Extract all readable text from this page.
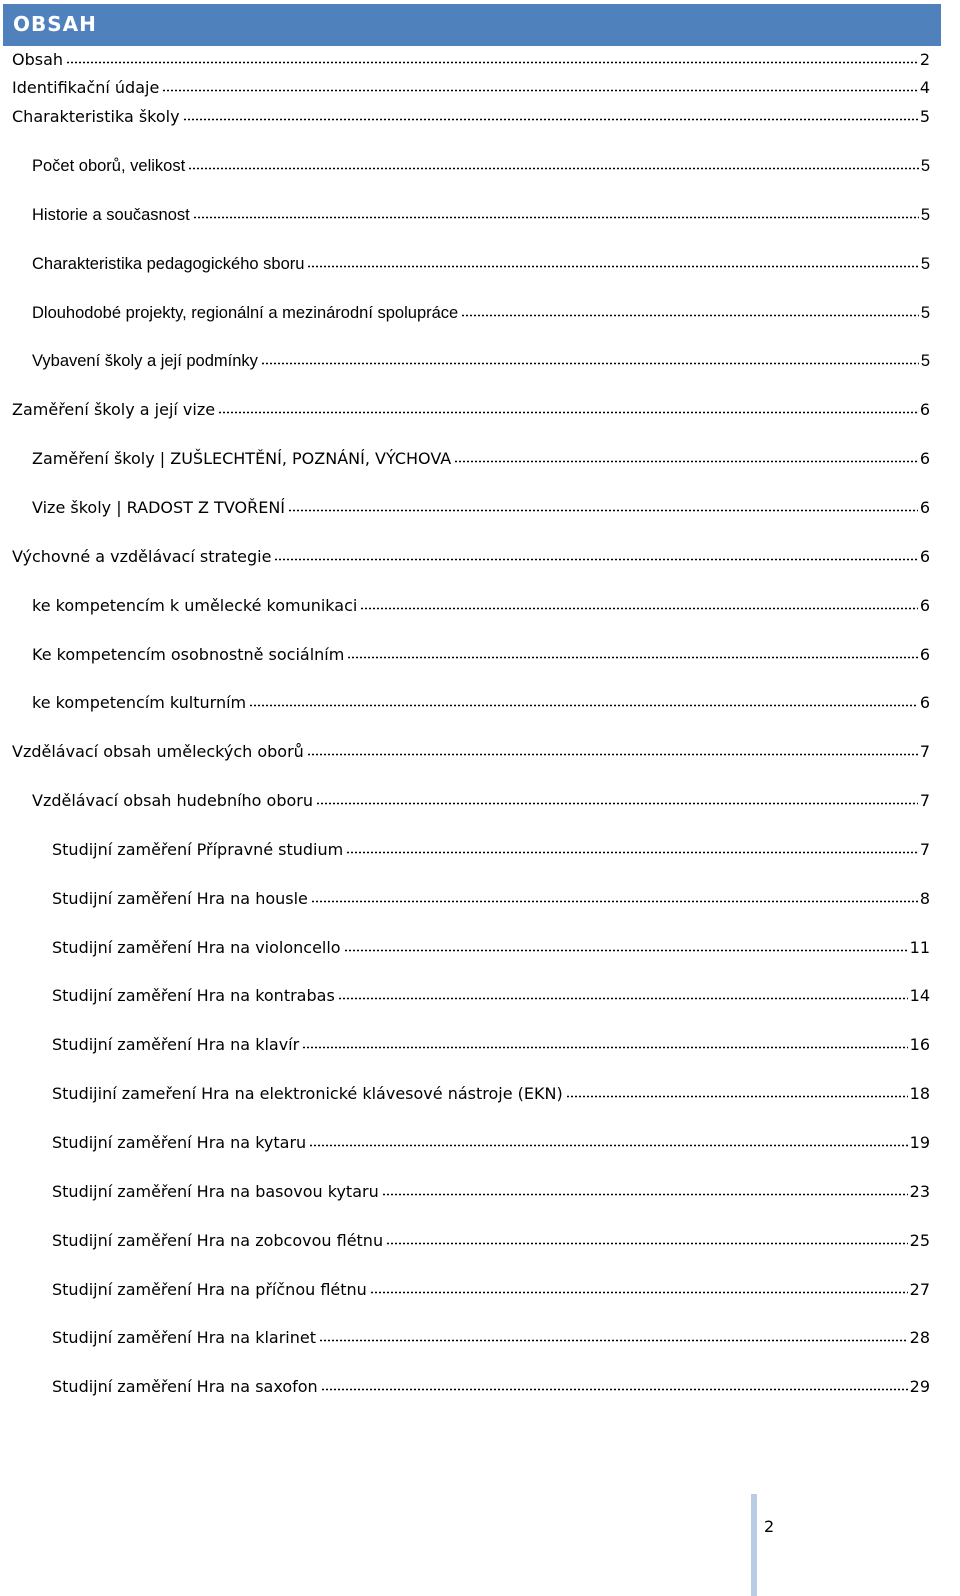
OBSAH
Obsah	2
Identifikační údaje	4
Charakteristika školy	5
Počet oborů, velikost	5
Historie a současnost	5
Charakteristika pedagogického sboru	5
Dlouhodobé projekty, regionální a mezinárodní spolupráce	5
Vybavení školy a její podmínky	5
Zaměření školy a její vize	6
Zaměření školy | ZUŠLECHTĚNÍ, POZNÁNÍ, VÝCHOVA	6
Vize školy | RADOST Z TVOŘENÍ	6
Výchovné a vzdělávací strategie	6
ke kompetencím k umělecké komunikaci	6
Ke kompetencím osobnostně sociálním	6
ke kompetencím kulturním	6
Vzdělávací obsah uměleckých oborů	7
Vzdělávací obsah hudebního oboru	7
Studijní zaměření Přípravné studium	7
Studijní zaměření Hra na housle	8
Studijní zaměření Hra na violoncello	11
Studijní zaměření Hra na kontrabas	14
Studijní zaměření Hra na klavír	16
Studijiní zameření Hra na elektronické klávesové nástroje (EKN)	18
Studijní zaměření Hra na kytaru	19
Studijní zaměření Hra na basovou kytaru	23
Studijní zaměření Hra na zobcovou flétnu	25
Studijní zaměření Hra na příčnou flétnu	27
Studijní zaměření Hra na klarinet	28
Studijní zaměření Hra na saxofon	29
2
